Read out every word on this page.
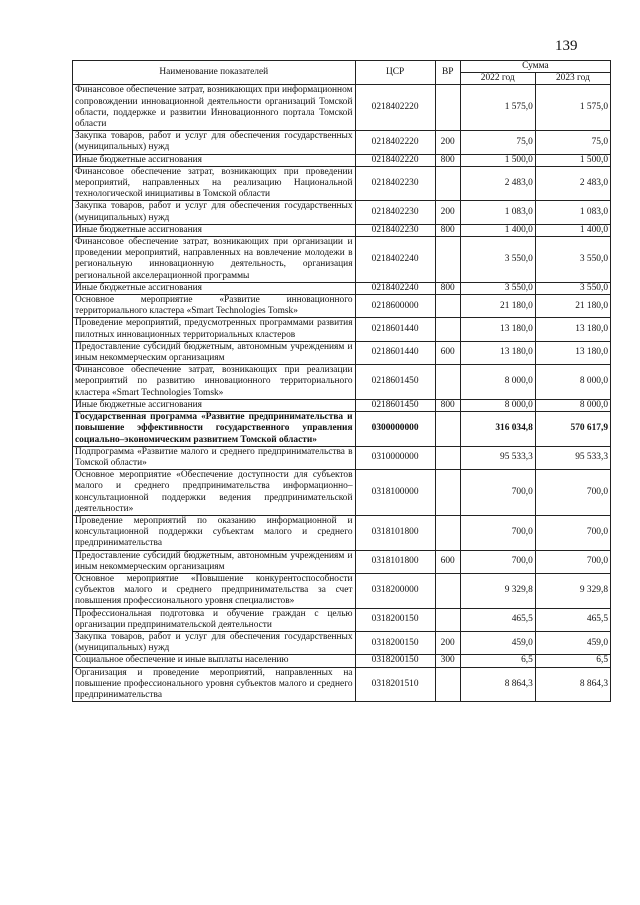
139
Наименование показателей	ЦСР	ВР	Сумма	
			2022 год	2023 год
Финансовое обеспечение затрат, возникающих при информационном сопровождении инновационной деятельности организаций Томской области, поддержке и развитии Инновационного портала Томской области	0218402220		1 575,0	1 575,0
Закупка товаров, работ и услуг для обеспечения государственных (муниципальных) нужд	0218402220	200	75,0	75,0
Иные бюджетные ассигнования	0218402220	800	1 500,0	1 500,0
Финансовое обеспечение затрат, возникающих при проведении мероприятий, направленных на реализацию Национальной технологической инициативы в Томской области	0218402230		2 483,0	2 483,0
Закупка товаров, работ и услуг для обеспечения государственных (муниципальных) нужд	0218402230	200	1 083,0	1 083,0
Иные бюджетные ассигнования	0218402230	800	1 400,0	1 400,0
Финансовое обеспечение затрат, возникающих при организации и проведении мероприятий, направленных на вовлечение молодежи в региональную инновационную деятельность, организация региональной акселерационной программы	0218402240		3 550,0	3 550,0
Иные бюджетные ассигнования	0218402240	800	3 550,0	3 550,0
Основное мероприятие «Развитие инновационного территориального кластера «Smart Technologies Tomsk»	0218600000		21 180,0	21 180,0
Проведение мероприятий, предусмотренных программами развития пилотных инновационных территориальных кластеров	0218601440		13 180,0	13 180,0
Предоставление субсидий бюджетным, автономным учреждениям и иным некоммерческим организациям	0218601440	600	13 180,0	13 180,0
Финансовое обеспечение затрат, возникающих при реализации мероприятий по развитию инновационного территориального кластера «Smart Technologies Tomsk»	0218601450		8 000,0	8 000,0
Иные бюджетные ассигнования	0218601450	800	8 000,0	8 000,0
Государственная программа «Развитие предпринимательства и повышение эффективности государственного управления социально–экономическим развитием Томской области»	0300000000		316 034,8	570 617,9
Подпрограмма «Развитие малого и среднего предпринимательства в Томской области»	0310000000		95 533,3	95 533,3
Основное мероприятие «Обеспечение доступности для субъектов малого и среднего предпринимательства информационно–консультационной поддержки ведения предпринимательской деятельности»	0318100000		700,0	700,0
Проведение мероприятий по оказанию информационной и консультационной поддержки субъектам малого и среднего предпринимательства	0318101800		700,0	700,0
Предоставление субсидий бюджетным, автономным учреждениям и иным некоммерческим организациям	0318101800	600	700,0	700,0
Основное мероприятие «Повышение конкурентоспособности субъектов малого и среднего предпринимательства за счет повышения профессионального уровня специалистов»	0318200000		9 329,8	9 329,8
Профессиональная подготовка и обучение граждан с целью организации предпринимательской деятельности	0318200150		465,5	465,5
Закупка товаров, работ и услуг для обеспечения государственных (муниципальных) нужд	0318200150	200	459,0	459,0
Социальное обеспечение и иные выплаты населению	0318200150	300	6,5	6,5
Организация и проведение мероприятий, направленных на повышение профессионального уровня субъектов малого и среднего предпринимательства	0318201510		8 864,3	8 864,3
